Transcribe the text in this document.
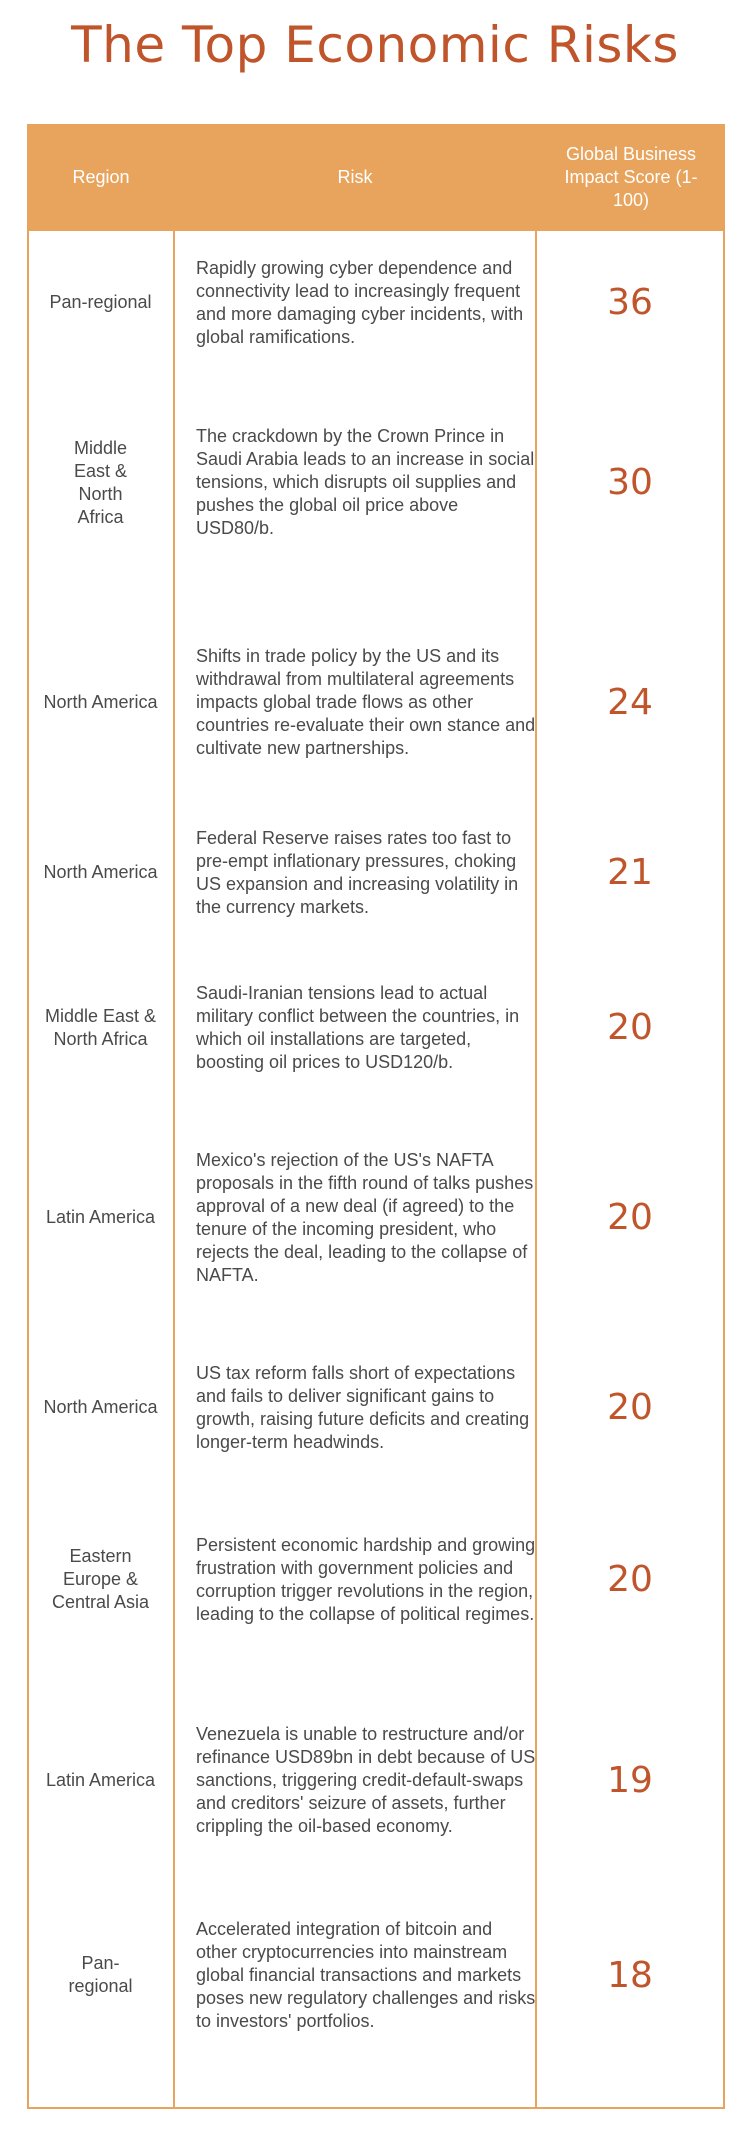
The Top Economic Risks
Region	Risk
Global Business Impact Score (1-100)
Pan-regional
Rapidly growing cyber dependence and connectivity lead to increasingly frequent and more damaging cyber incidents, with global ramifications.
36
Middle East & North Africa
The crackdown by the Crown Prince in Saudi Arabia leads to an increase in social tensions, which disrupts oil supplies and pushes the global oil price above USD80/b.
30
North America
Shifts in trade policy by the US and its withdrawal from multilateral agreements impacts global trade flows as other countries re-evaluate their own stance and cultivate new partnerships.
24
North America
Federal Reserve raises rates too fast to pre-empt inflationary pressures, choking US expansion and increasing volatility in the currency markets.
21
Middle East & North Africa
Saudi-Iranian tensions lead to actual military conflict between the countries, in which oil installations are targeted, boosting oil prices to USD120/b.
20
Latin America
Mexico's rejection of the US's NAFTA proposals in the fifth round of talks pushes approval of a new deal (if agreed) to the tenure of the incoming president, who rejects the deal, leading to the collapse of NAFTA.
20
North America
US tax reform falls short of expectations and fails to deliver significant gains to growth, raising future deficits and creating longer-term headwinds.
20
Eastern Europe & Central Asia
Persistent economic hardship and growing frustration with government policies and corruption trigger revolutions in the region, leading to the collapse of political regimes.
20
Latin America
Venezuela is unable to restructure and/or refinance USD89bn in debt because of US sanctions, triggering credit-default-swaps and creditors' seizure of assets, further crippling the oil-based economy.
19
Pan-regional
Accelerated integration of bitcoin and other cryptocurrencies into mainstream global financial transactions and markets poses new regulatory challenges and risks to investors' portfolios.
18
